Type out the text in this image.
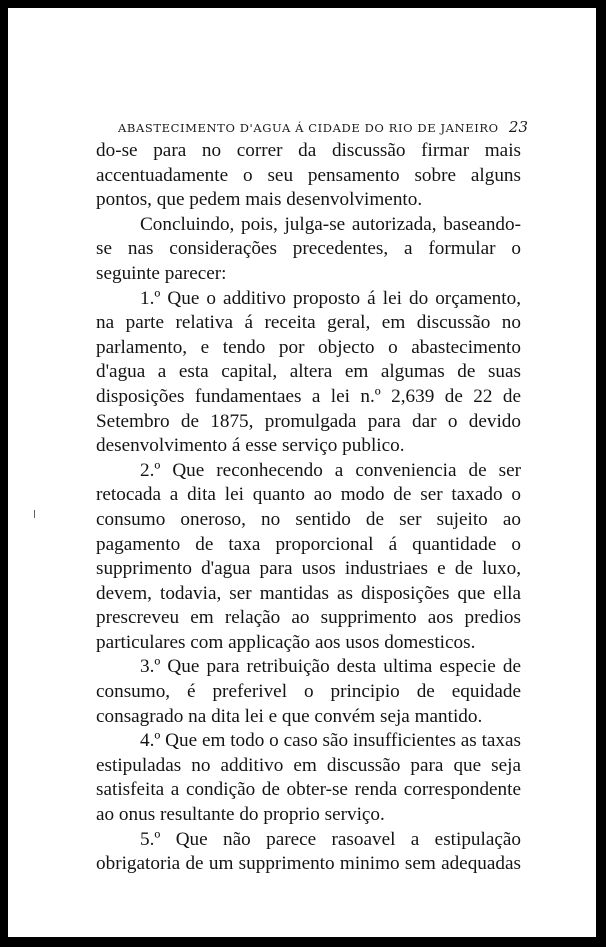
ABASTECIMENTO D'AGUA Á CIDADE DO RIO DE JANEIRO 23

do-se para no correr da discussão firmar mais accentuadamente o seu pensamento sobre alguns pontos, que pedem mais desenvolvimento.

Concluindo, pois, julga-se autorizada, baseando-se nas considerações precedentes, a formular o seguinte parecer:

1.º Que o additivo proposto á lei do orçamento, na parte relativa á receita geral, em discussão no parlamento, e tendo por objecto o abastecimento d'agua a esta capital, altera em algumas de suas disposições fundamentaes a lei n.º 2,639 de 22 de Setembro de 1875, promulgada para dar o devido desenvolvimento á esse serviço publico.

2.º Que reconhecendo a conveniencia de ser retocada a dita lei quanto ao modo de ser taxado o consumo oneroso, no sentido de ser sujeito ao pagamento de taxa proporcional á quantidade o supprimento d'agua para usos industriaes e de luxo, devem, todavia, ser mantidas as disposições que ella prescreveu em relação ao supprimento aos predios particulares com applicação aos usos domesticos.

3.º Que para retribuição desta ultima especie de consumo, é preferivel o principio de equidade consagrado na dita lei e que convém seja mantido.

4.º Que em todo o caso são insufficientes as taxas estipuladas no additivo em discussão para que seja satisfeita a condição de obter-se renda correspondente ao onus resultante do proprio serviço.

5.º Que não parece rasoavel a estipulação obrigatoria de um supprimento minimo sem adequadas
